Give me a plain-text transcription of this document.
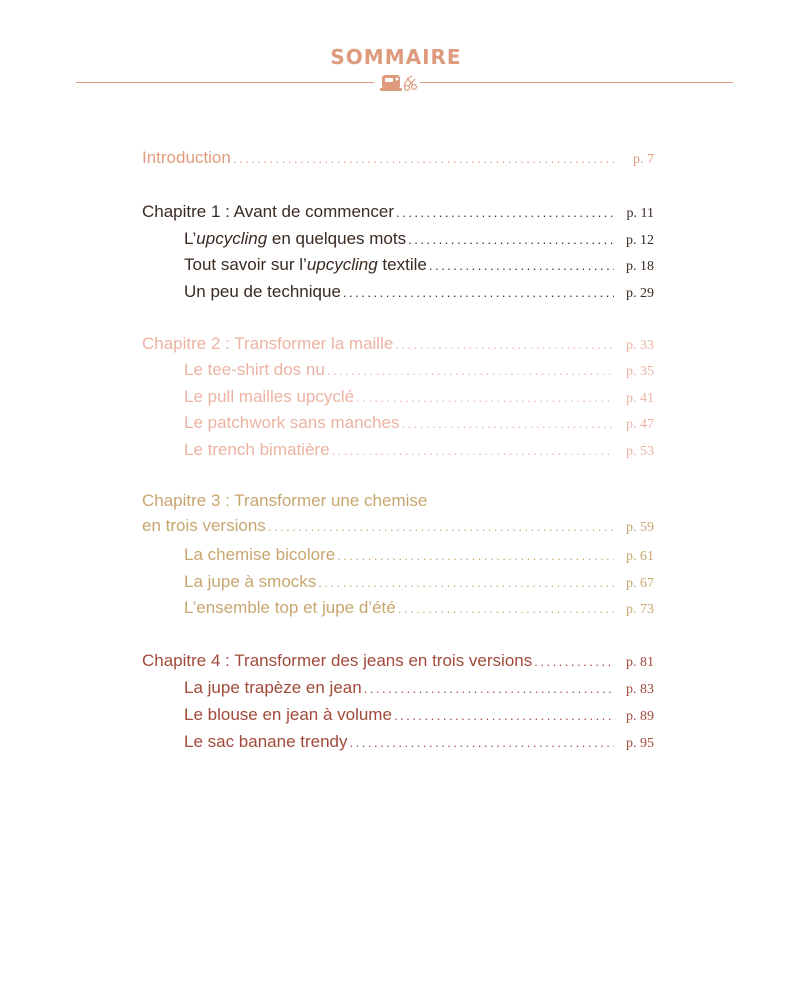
SOMMAIRE
Introduction .....	p. 7
Chapitre 1 : Avant de commencer .....	p. 11
L’upcycling en quelques mots .....	p. 12
Tout savoir sur l’upcycling textile .....	p. 18
Un peu de technique .....	p. 29
Chapitre 2 : Transformer la maille .....	p. 33
Le tee-shirt dos nu .....	p. 35
Le pull mailles upcyclé .....	p. 41
Le patchwork sans manches .....	p. 47
Le trench bimatière .....	p. 53
Chapitre 3 : Transformer une chemise
en trois versions .....	p. 59
La chemise bicolore .....	p. 61
La jupe à smocks .....	p. 67
L’ensemble top et jupe d’été .....	p. 73
Chapitre 4 : Transformer des jeans en trois versions .....	p. 81
La jupe trapèze en jean .....	p. 83
Le blouse en jean à volume .....	p. 89
Le sac banane trendy .....	p. 95
